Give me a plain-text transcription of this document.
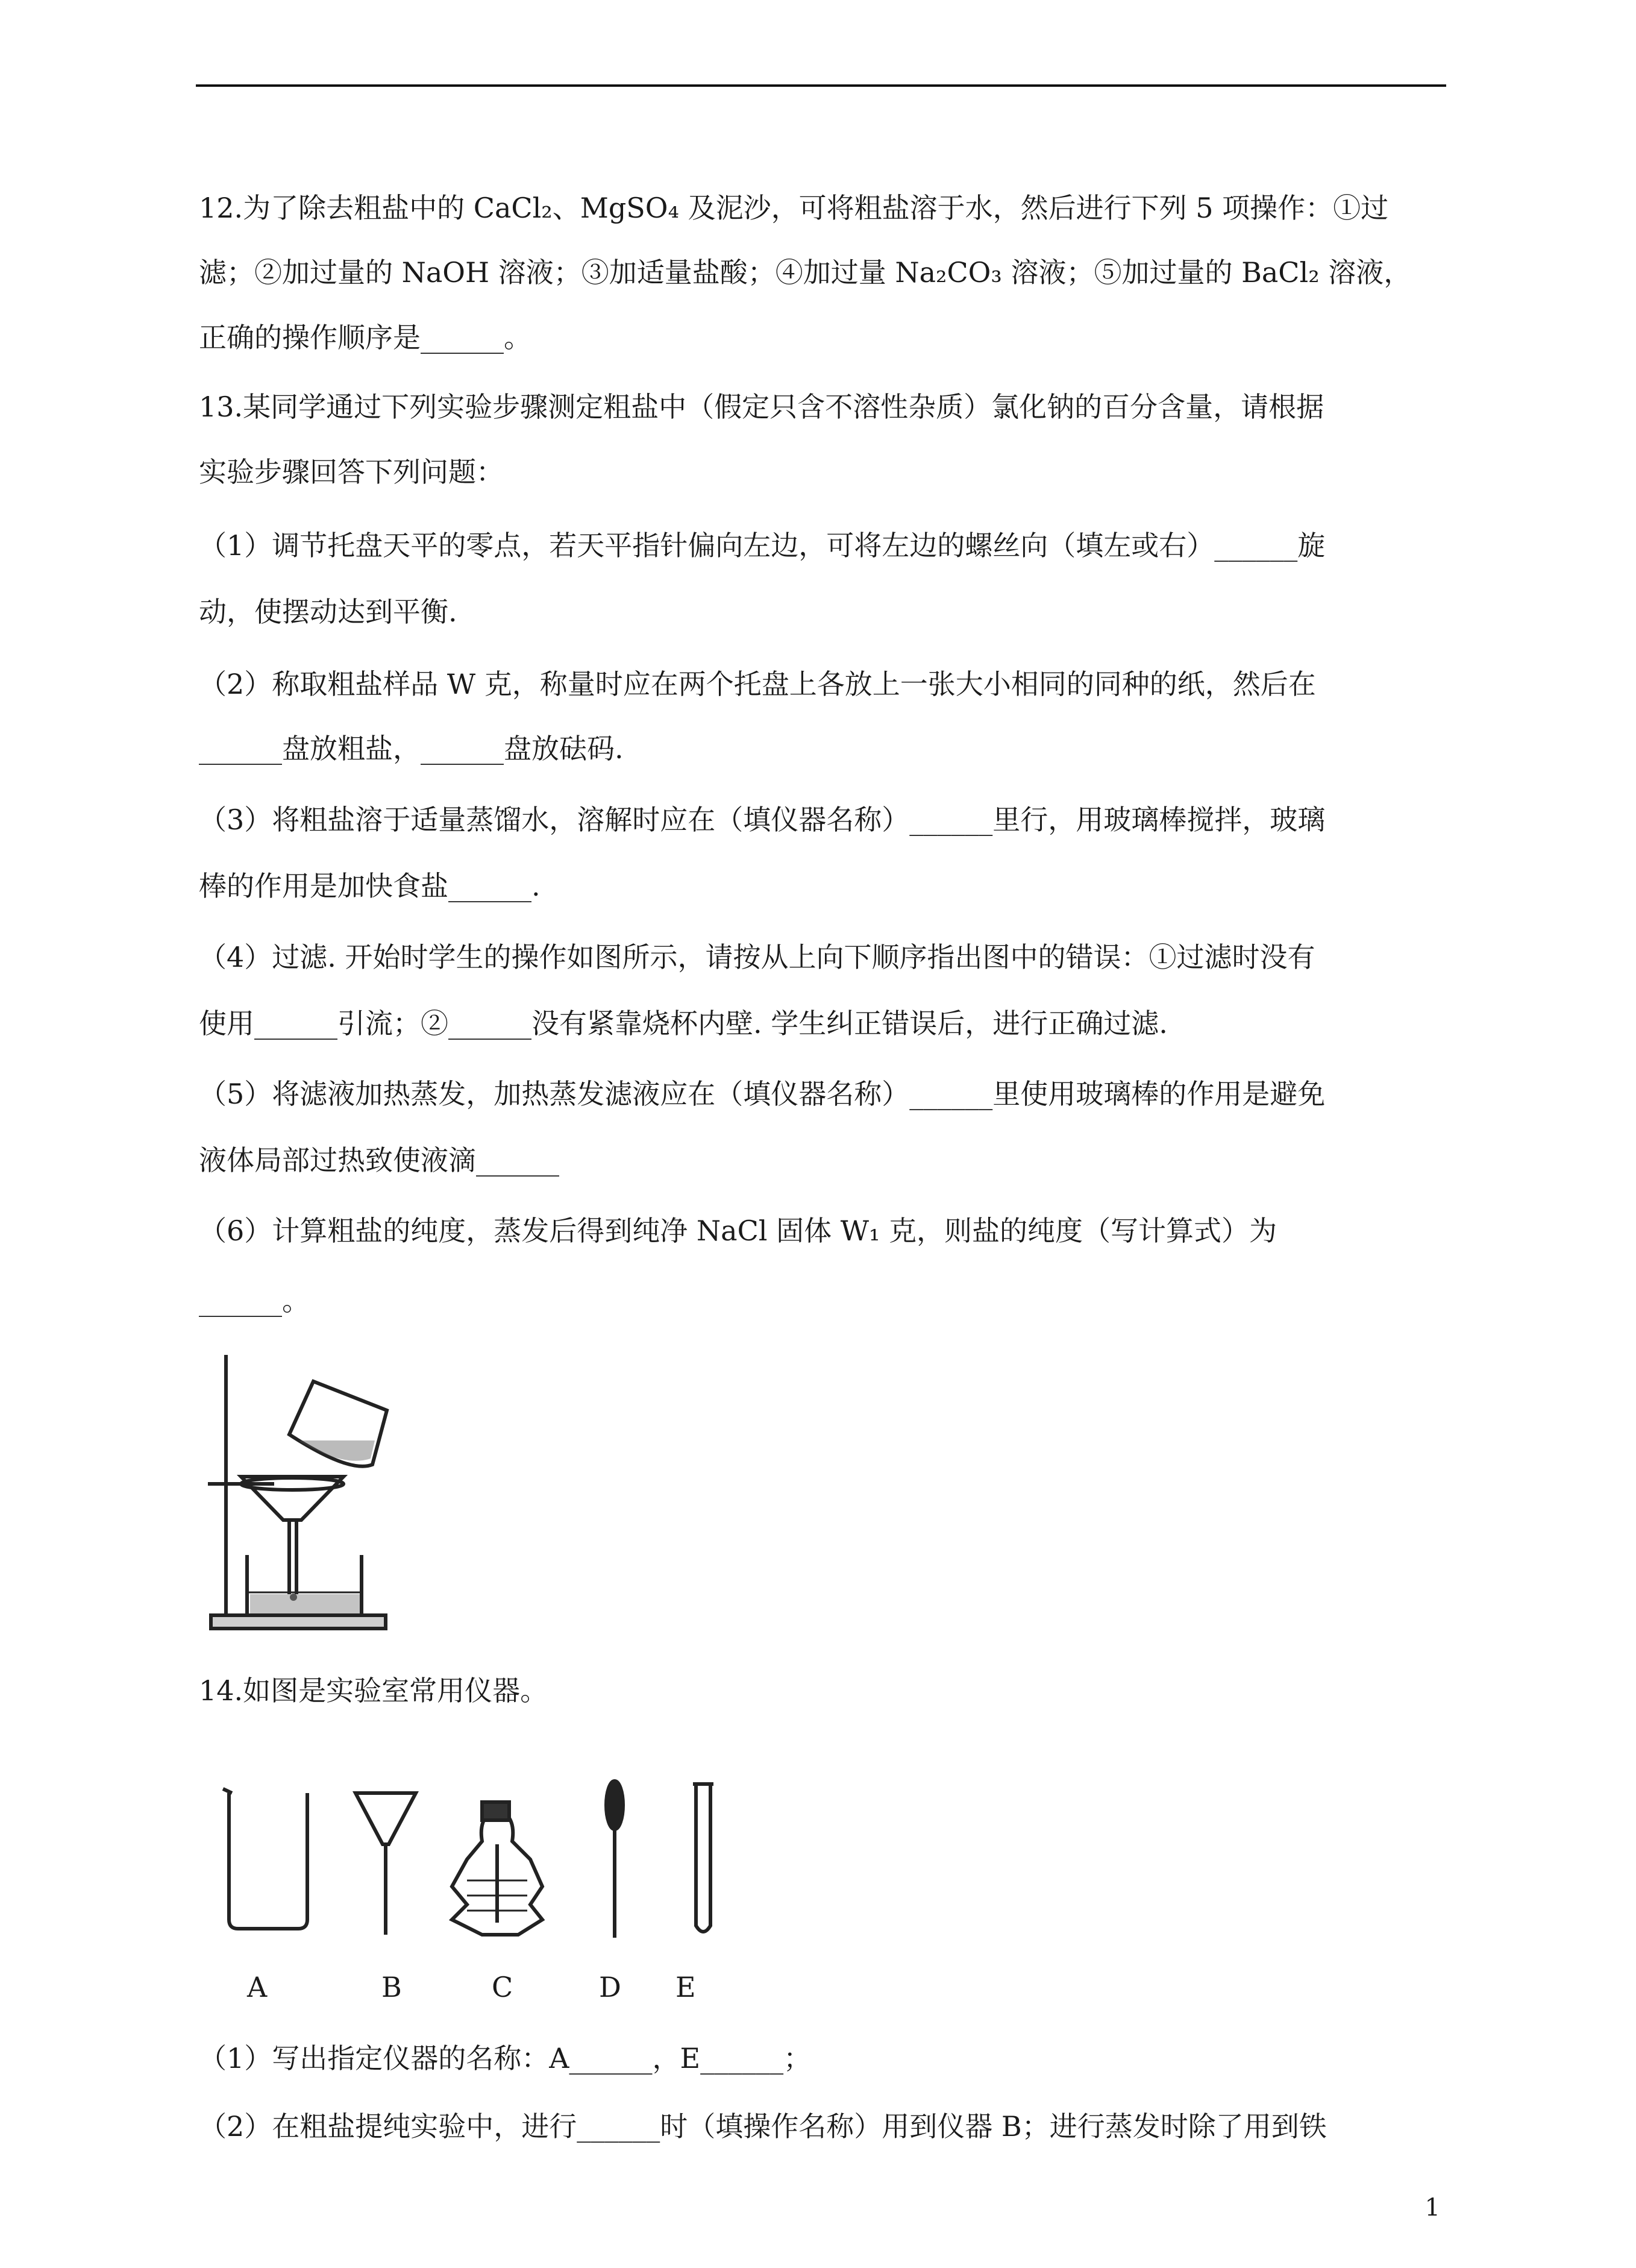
12.为了除去粗盐中的 CaCl₂、MgSO₄ 及泥沙，可将粗盐溶于水，然后进行下列 5 项操作：①过
滤；②加过量的 NaOH 溶液；③加适量盐酸；④加过量 Na₂CO₃ 溶液；⑤加过量的 BaCl₂ 溶液，
正确的操作顺序是______。
13.某同学通过下列实验步骤测定粗盐中（假定只含不溶性杂质）氯化钠的百分含量，请根据
实验步骤回答下列问题：
（1）调节托盘天平的零点，若天平指针偏向左边，可将左边的螺丝向（填左或右）______旋
动，使摆动达到平衡.
（2）称取粗盐样品 W 克，称量时应在两个托盘上各放上一张大小相同的同种的纸，然后在
______盘放粗盐，______盘放砝码.
（3）将粗盐溶于适量蒸馏水，溶解时应在（填仪器名称）______里行，用玻璃棒搅拌，玻璃
棒的作用是加快食盐______.
（4）过滤. 开始时学生的操作如图所示，请按从上向下顺序指出图中的错误：①过滤时没有
使用______引流；②______没有紧靠烧杯内壁. 学生纠正错误后，进行正确过滤.
（5）将滤液加热蒸发，加热蒸发滤液应在（填仪器名称）______里使用玻璃棒的作用是避免
液体局部过热致使液滴______
（6）计算粗盐的纯度，蒸发后得到纯净 NaCl 固体 W₁ 克，则盐的纯度（写计算式）为
______。
14.如图是实验室常用仪器。
A	B	C	D E
（1）写出指定仪器的名称：A______，E______；
（2）在粗盐提纯实验中，进行______时（填操作名称）用到仪器 B；进行蒸发时除了用到铁
1
